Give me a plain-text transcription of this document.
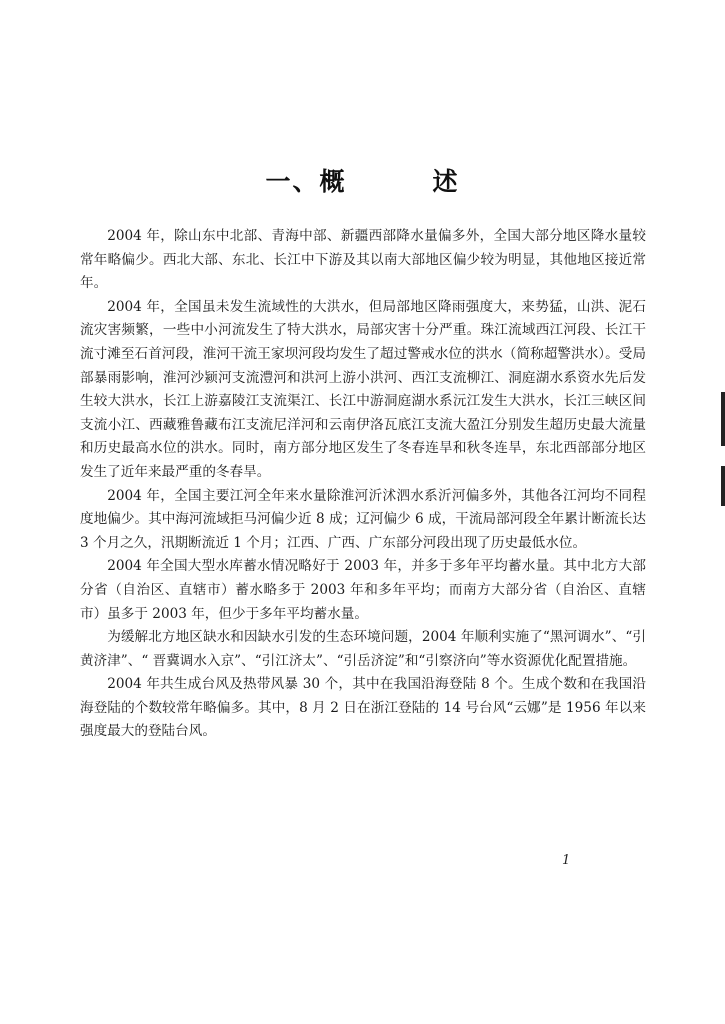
一、概	述

2004 年，除山东中北部、青海中部、新疆西部降水量偏多外，全国大部分地区降水量较常年略偏少。西北大部、东北、长江中下游及其以南大部地区偏少较为明显，其他地区接近常年。

2004 年，全国虽未发生流域性的大洪水，但局部地区降雨强度大，来势猛，山洪、泥石流灾害频繁，一些中小河流发生了特大洪水，局部灾害十分严重。珠江流域西江河段、长江干流寸滩至石首河段，淮河干流王家坝河段均发生了超过警戒水位的洪水（简称超警洪水）。受局部暴雨影响，淮河沙颍河支流澧河和洪河上游小洪河、西江支流柳江、洞庭湖水系资水先后发生较大洪水，长江上游嘉陵江支流渠江、长江中游洞庭湖水系沅江发生大洪水，长江三峡区间支流小江、西藏雅鲁藏布江支流尼洋河和云南伊洛瓦底江支流大盈江分别发生超历史最大流量和历史最高水位的洪水。同时，南方部分地区发生了冬春连旱和秋冬连旱，东北西部部分地区发生了近年来最严重的冬春旱。

2004 年，全国主要江河全年来水量除淮河沂沭泗水系沂河偏多外，其他各江河均不同程度地偏少。其中海河流域拒马河偏少近 8 成；辽河偏少 6 成，干流局部河段全年累计断流长达 3 个月之久，汛期断流近 1 个月；江西、广西、广东部分河段出现了历史最低水位。

2004 年全国大型水库蓄水情况略好于 2003 年，并多于多年平均蓄水量。其中北方大部分省（自治区、直辖市）蓄水略多于 2003 年和多年平均；而南方大部分省（自治区、直辖市）虽多于 2003 年，但少于多年平均蓄水量。

为缓解北方地区缺水和因缺水引发的生态环境问题，2004 年顺利实施了“黑河调水”、“引黄济津”、“ 晋冀调水入京”、“引江济太”、“引岳济淀”和“引察济向”等水资源优化配置措施。

2004 年共生成台风及热带风暴 30 个，其中在我国沿海登陆 8 个。生成个数和在我国沿海登陆的个数较常年略偏多。其中，8 月 2 日在浙江登陆的 14 号台风“云娜”是 1956 年以来强度最大的登陆台风。

1
